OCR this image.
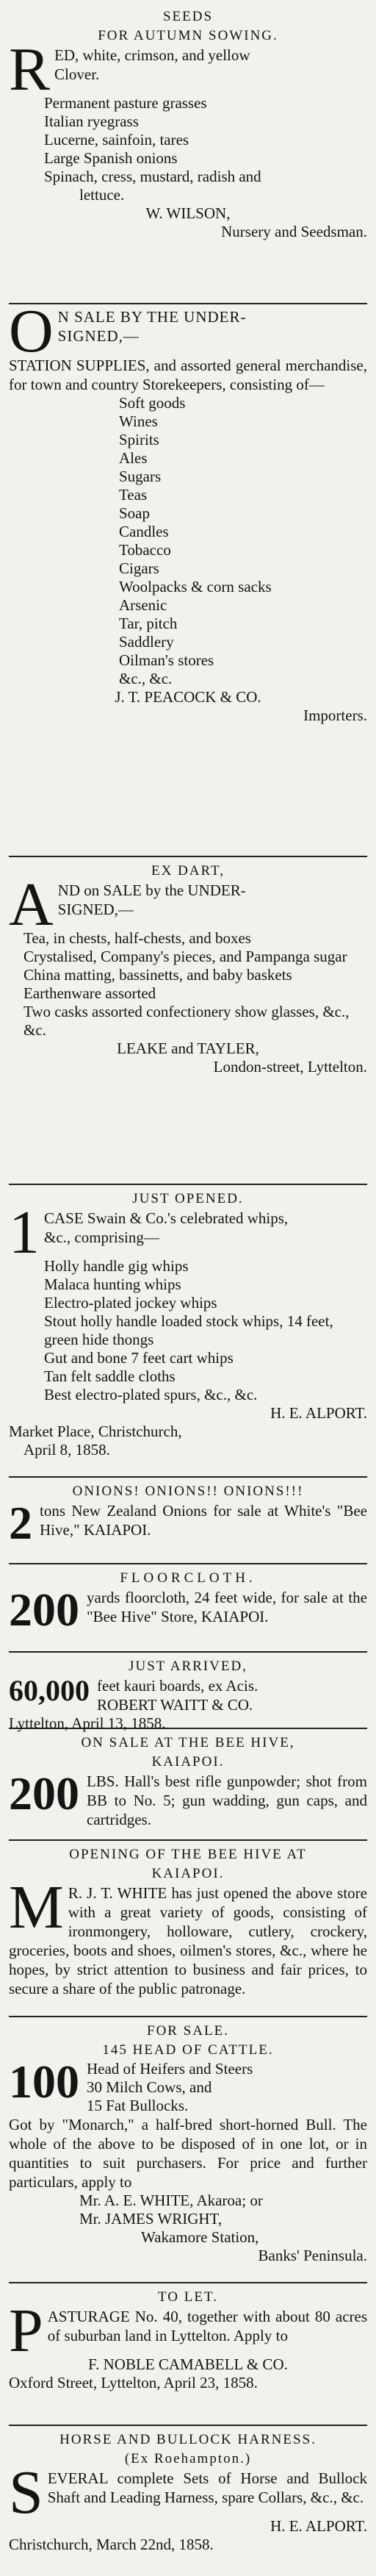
SEEDS
FOR AUTUMN SOWING.
R ED, white, crimson, and yellow

Clover.

Permanent pasture grasses

Italian ryegrass

Lucerne, sainfoin, tares

Large Spanish onions

Spinach, cress, mustard, radish and

lettuce.

W. WILSON,

Nursery and Seedsman.

O N SALE BY THE UNDER-

SIGNED,—

STATION SUPPLIES, and assorted general merchandise, for town and country Storekeepers, consisting of—

Soft goods

Wines

Spirits

Ales

Sugars

Teas

Soap

Candles

Tobacco

Cigars

Woolpacks & corn sacks

Arsenic

Tar, pitch

Saddlery

Oilman's stores

&c., &c.

J. T. PEACOCK & CO.

Importers.

EX DART,
A ND on SALE by the UNDER-

SIGNED,—

Tea, in chests, half-chests, and boxes

Crystalised, Company's pieces, and Pampanga sugar

China matting, bassinetts, and baby baskets

Earthenware assorted

Two casks assorted confectionery show glasses, &c., &c.

LEAKE and TAYLER,

London-street, Lyttelton.

JUST OPENED.
1 CASE Swain & Co.'s celebrated whips,

&c., comprising—

Holly handle gig whips

Malaca hunting whips

Electro-plated jockey whips

Stout holly handle loaded stock whips, 14 feet, green hide thongs

Gut and bone 7 feet cart whips

Tan felt saddle cloths

Best electro-plated spurs, &c., &c.

H. E. ALPORT.

Market Place, Christchurch,

April 8, 1858.

ONIONS! ONIONS!! ONIONS!!!
2 tons New Zealand Onions for sale at White's "Bee Hive," KAIAPOI.

FLOORCLOTH.
200 yards floorcloth, 24 feet wide, for sale at the "Bee Hive" Store, KAIAPOI.

JUST ARRIVED,
60,000 feet kauri boards, ex Acis.

ROBERT WAITT & CO.

Lyttelton, April 13, 1858.

ON SALE AT THE BEE HIVE,
KAIAPOI.
200 LBS. Hall's best rifle gunpowder; shot from BB to No. 5; gun wadding, gun caps, and cartridges.

OPENING OF THE BEE HIVE AT
KAIAPOI.
M R. J. T. WHITE has just opened the above store with a great variety of goods, consisting of ironmongery, holloware, cutlery, crockery, groceries, boots and shoes, oilmen's stores, &c., where he hopes, by strict attention to business and fair prices, to secure a share of the public patronage.

FOR SALE.
145 HEAD OF CATTLE.
100 Head of Heifers and Steers

30 Milch Cows, and

15 Fat Bullocks.

Got by "Monarch," a half-bred short-horned Bull. The whole of the above to be disposed of in one lot, or in quantities to suit purchasers. For price and further particulars, apply to

Mr. A. E. WHITE, Akaroa; or

Mr. JAMES WRIGHT,

Wakamore Station,

Banks' Peninsula.

TO LET.
P ASTURAGE No. 40, together with about 80 acres of suburban land in Lyttelton. Apply to

F. NOBLE CAMABELL & CO.

Oxford Street, Lyttelton, April 23, 1858.

HORSE AND BULLOCK HARNESS.
(Ex Roehampton.)
S EVERAL complete Sets of Horse and Bullock Shaft and Leading Harness, spare Collars, &c., &c.

H. E. ALPORT.

Christchurch, March 22nd, 1858.
